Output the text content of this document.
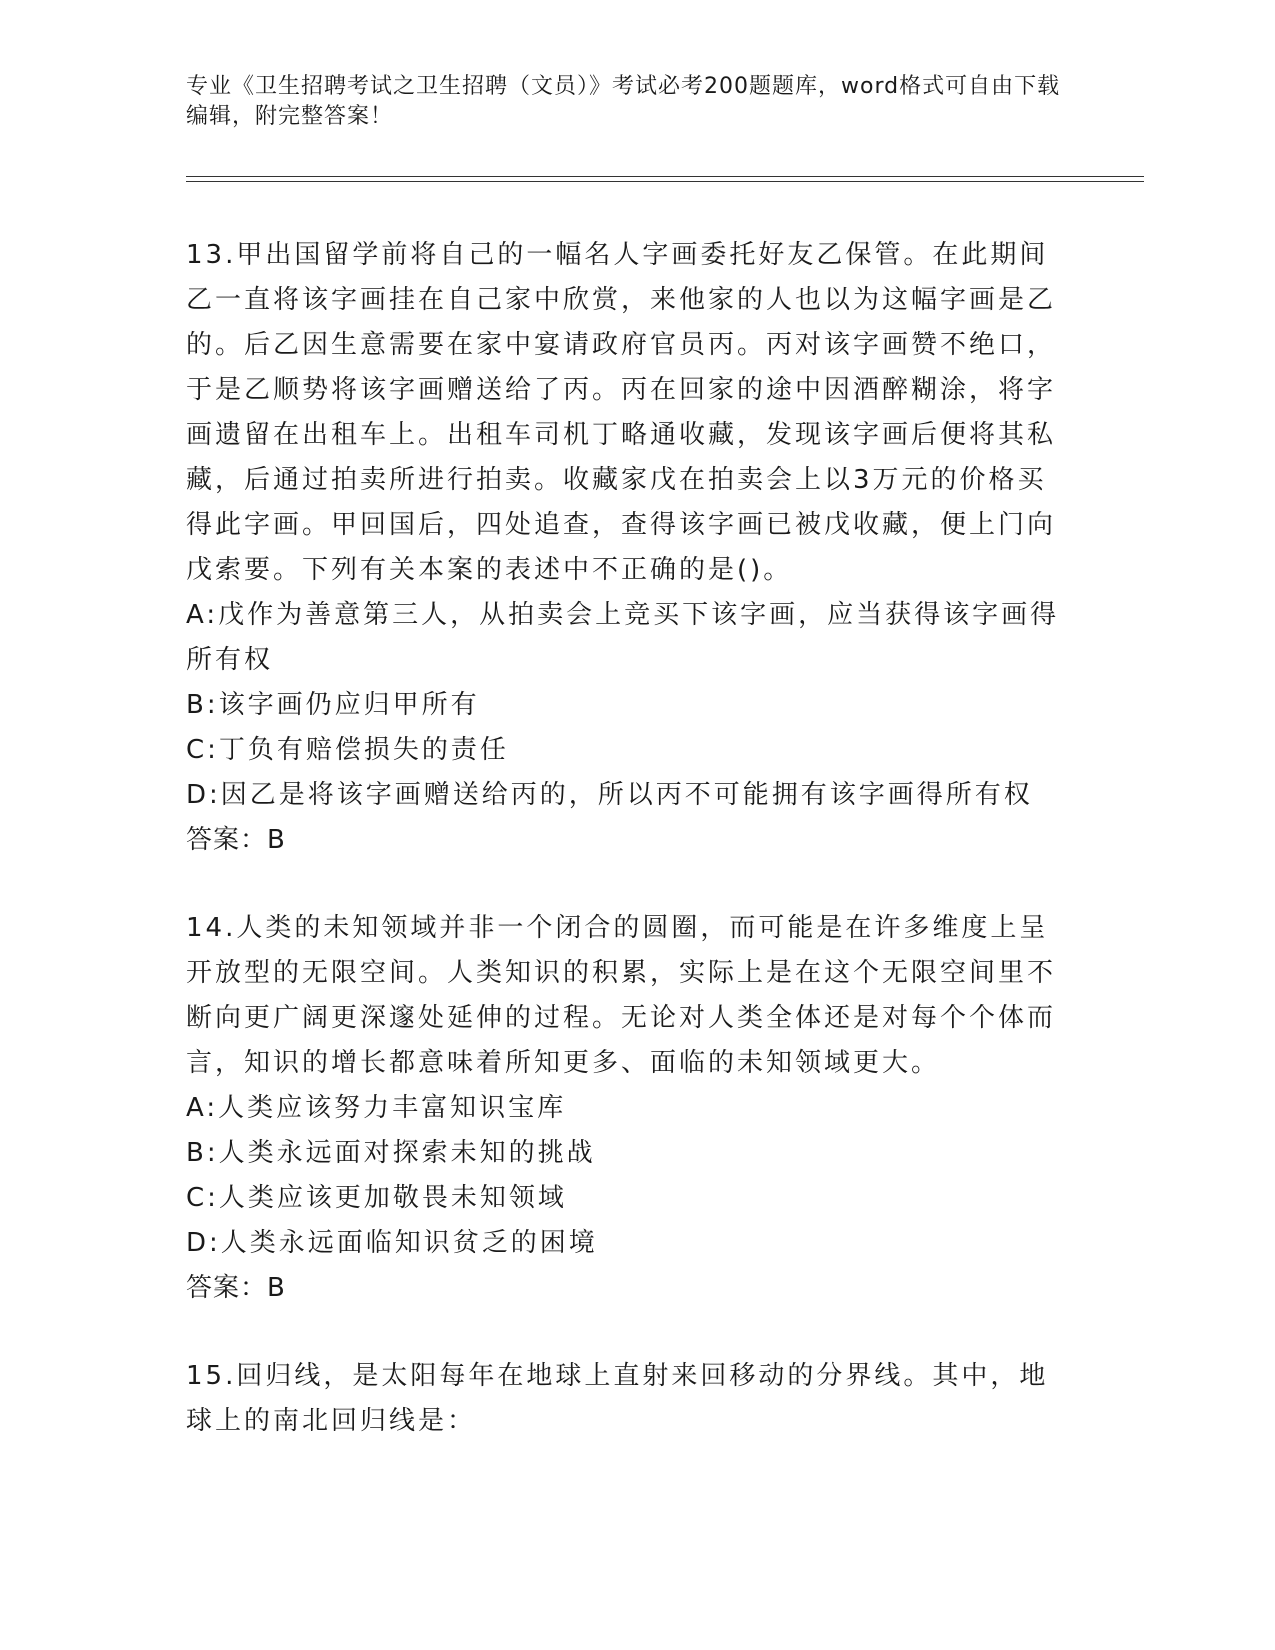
专业《卫生招聘考试之卫生招聘（文员）》考试必考200题题库，word格式可自由下载编辑，附完整答案！

13.甲出国留学前将自己的一幅名人字画委托好友乙保管。在此期间乙一直将该字画挂在自己家中欣赏，来他家的人也以为这幅字画是乙的。后乙因生意需要在家中宴请政府官员丙。丙对该字画赞不绝口，于是乙顺势将该字画赠送给了丙。丙在回家的途中因酒醉糊涂，将字画遗留在出租车上。出租车司机丁略通收藏，发现该字画后便将其私藏，后通过拍卖所进行拍卖。收藏家戊在拍卖会上以3万元的价格买得此字画。甲回国后，四处追查，查得该字画已被戊收藏，便上门向戊索要。下列有关本案的表述中不正确的是()。

A:戊作为善意第三人，从拍卖会上竞买下该字画，应当获得该字画得所有权

B:该字画仍应归甲所有

C:丁负有赔偿损失的责任

D:因乙是将该字画赠送给丙的，所以丙不可能拥有该字画得所有权

答案：B

14.人类的未知领域并非一个闭合的圆圈，而可能是在许多维度上呈开放型的无限空间。人类知识的积累，实际上是在这个无限空间里不断向更广阔更深邃处延伸的过程。无论对人类全体还是对每个个体而言，知识的增长都意味着所知更多、面临的未知领域更大。

A:人类应该努力丰富知识宝库

B:人类永远面对探索未知的挑战

C:人类应该更加敬畏未知领域

D:人类永远面临知识贫乏的困境

答案：B

15.回归线，是太阳每年在地球上直射来回移动的分界线。其中，地球上的南北回归线是：
